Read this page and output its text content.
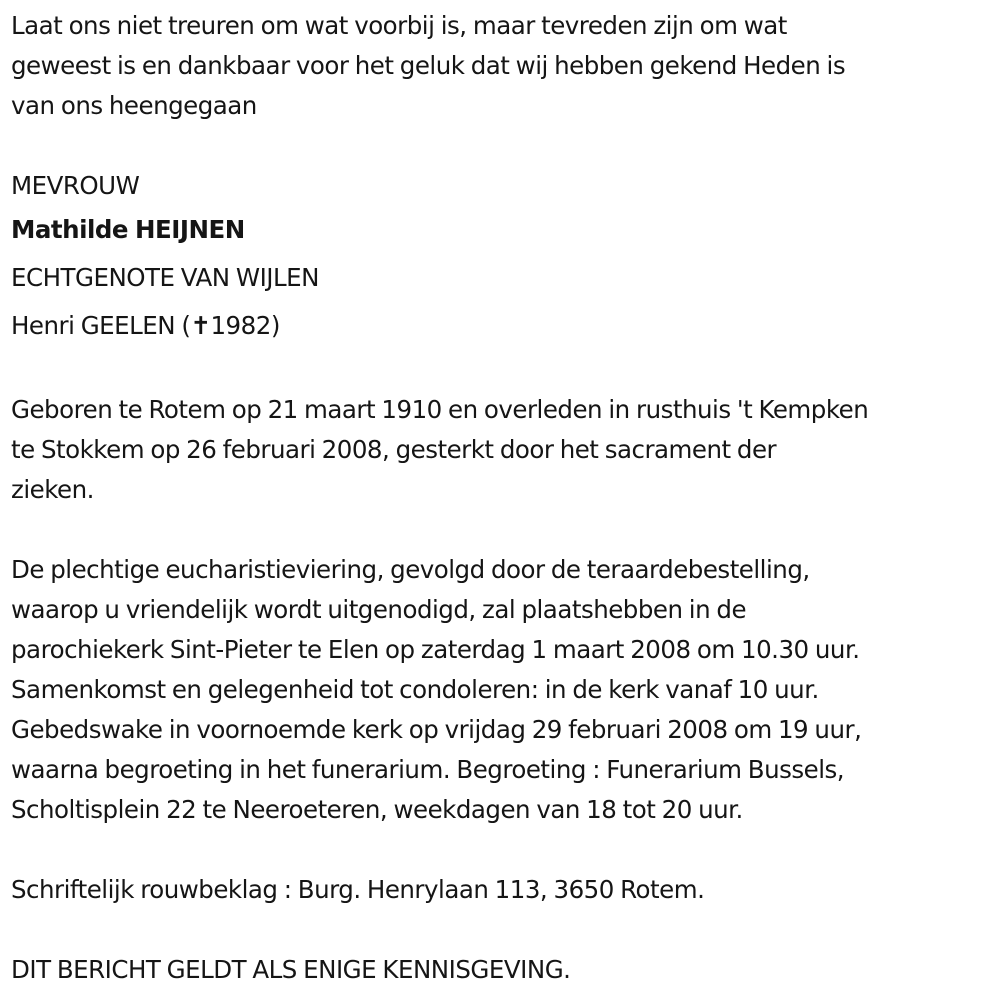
Laat ons niet treuren om wat voorbij is, maar tevreden zijn om wat
geweest is en dankbaar voor het geluk dat wij hebben gekend Heden is
van ons heengegaan
MEVROUW
Mathilde HEIJNEN
ECHTGENOTE VAN WIJLEN
Henri GEELEN (✝1982)
Geboren te Rotem op 21 maart 1910 en overleden in rusthuis 't Kempken
te Stokkem op 26 februari 2008, gesterkt door het sacrament der
zieken.
De plechtige eucharistieviering, gevolgd door de teraardebestelling,
waarop u vriendelijk wordt uitgenodigd, zal plaatshebben in de
parochiekerk Sint-Pieter te Elen op zaterdag 1 maart 2008 om 10.30 uur.
Samenkomst en gelegenheid tot condoleren: in de kerk vanaf 10 uur.
Gebedswake in voornoemde kerk op vrijdag 29 februari 2008 om 19 uur,
waarna begroeting in het funerarium. Begroeting : Funerarium Bussels,
Scholtisplein 22 te Neeroeteren, weekdagen van 18 tot 20 uur.
Schriftelijk rouwbeklag : Burg. Henrylaan 113, 3650 Rotem.
DIT BERICHT GELDT ALS ENIGE KENNISGEVING.
